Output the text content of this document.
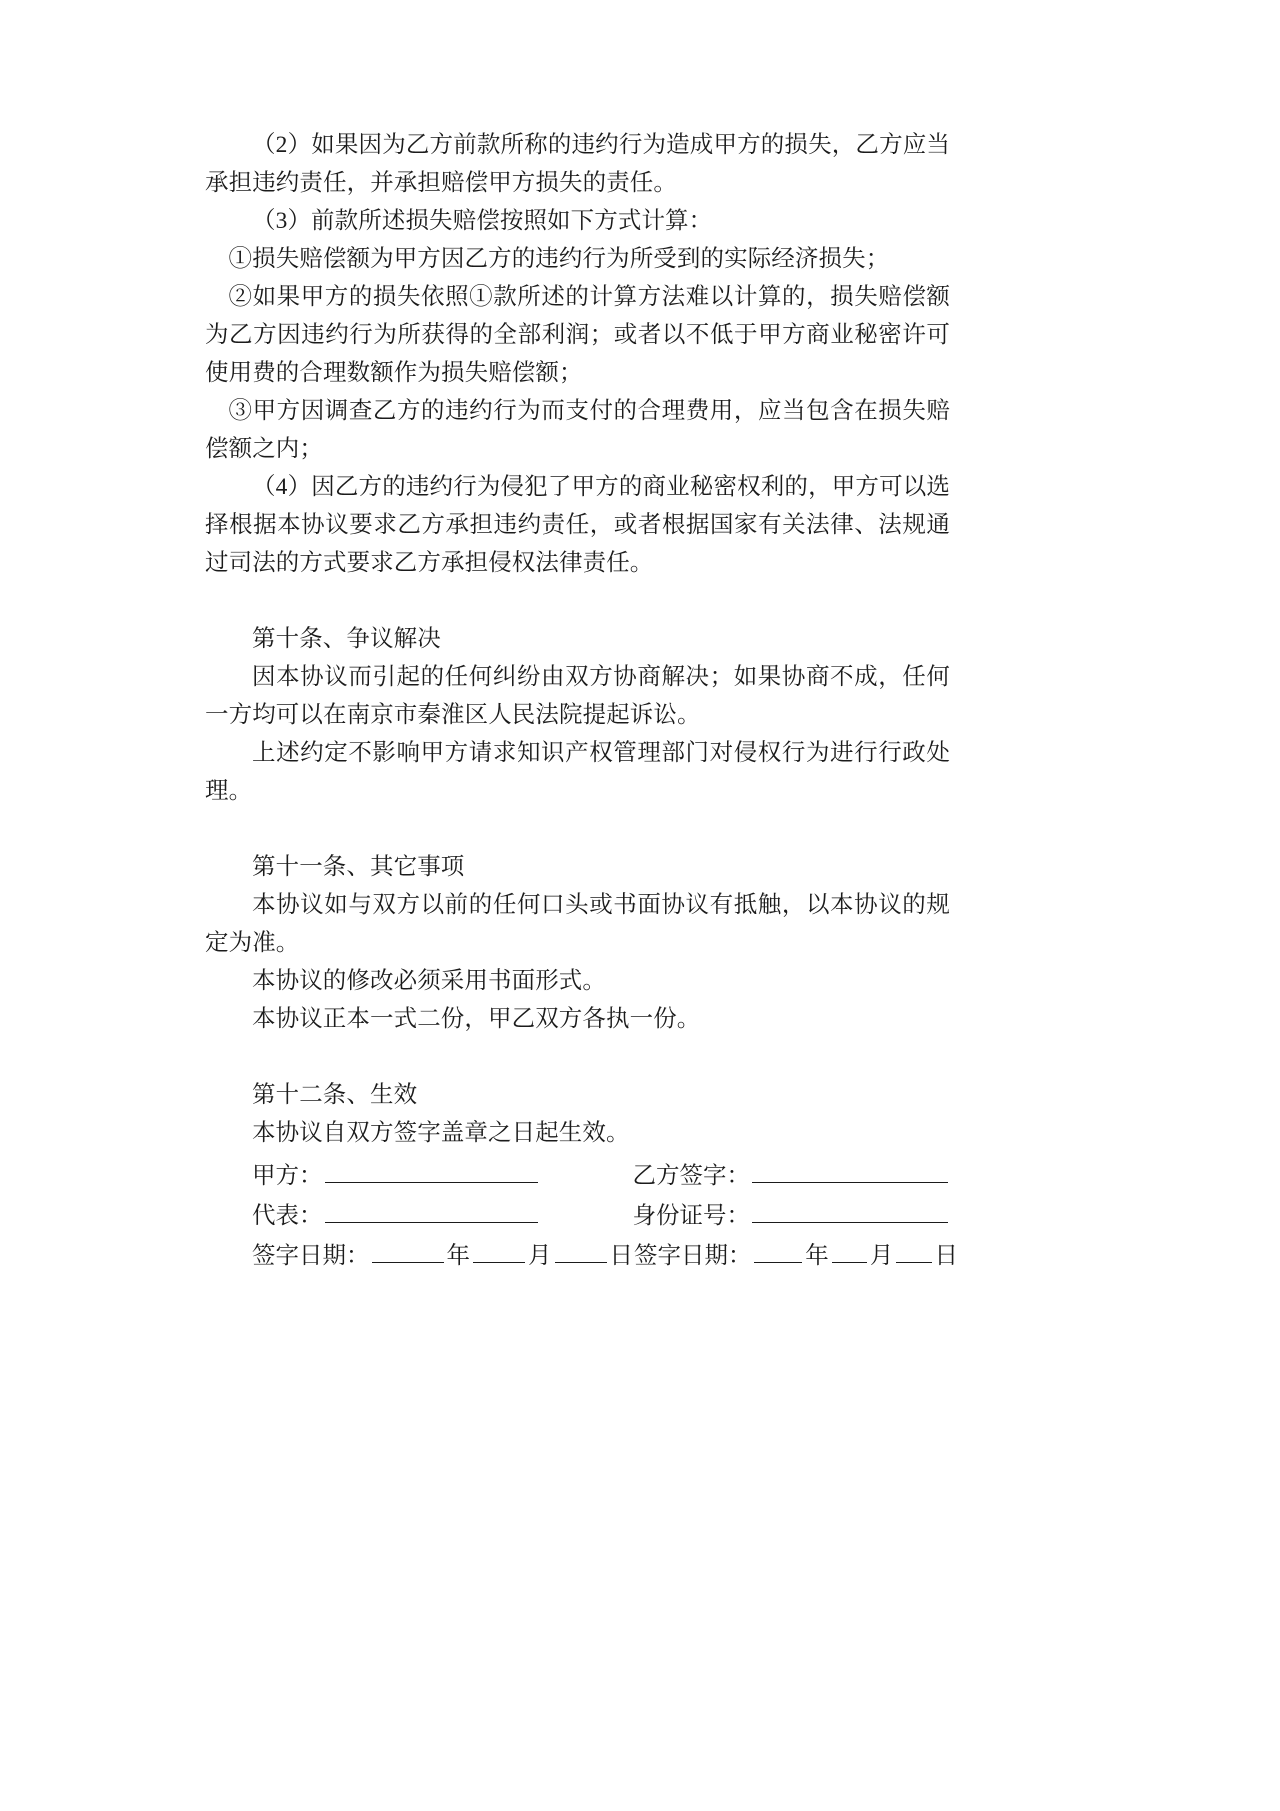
（2）如果因为乙方前款所称的违约行为造成甲方的损失，乙方应当承担违约责任，并承担赔偿甲方损失的责任。

（3）前款所述损失赔偿按照如下方式计算：

①损失赔偿额为甲方因乙方的违约行为所受到的实际经济损失；

②如果甲方的损失依照①款所述的计算方法难以计算的，损失赔偿额为乙方因违约行为所获得的全部利润；或者以不低于甲方商业秘密许可使用费的合理数额作为损失赔偿额；

③甲方因调查乙方的违约行为而支付的合理费用，应当包含在损失赔偿额之内；

（4）因乙方的违约行为侵犯了甲方的商业秘密权利的，甲方可以选择根据本协议要求乙方承担违约责任，或者根据国家有关法律、法规通过司法的方式要求乙方承担侵权法律责任。

第十条、争议解决

因本协议而引起的任何纠纷由双方协商解决；如果协商不成，任何一方均可以在南京市秦淮区人民法院提起诉讼。

上述约定不影响甲方请求知识产权管理部门对侵权行为进行行政处理。

第十一条、其它事项

本协议如与双方以前的任何口头或书面协议有抵触，以本协议的规定为准。

本协议的修改必须采用书面形式。

本协议正本一式二份，甲乙双方各执一份。

第十二条、生效

本协议自双方签字盖章之日起生效。

甲方：	乙方签字：
代表：	身份证号：
签字日期：	年 月 日 签字日期： 年 月 日
